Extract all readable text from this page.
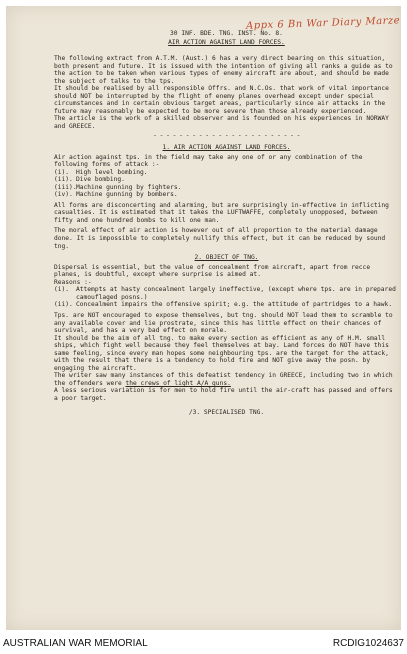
Appx 6 Bn War Diary Marze
30 INF. BDE. TNG. INST. No. 8.
AIR ACTION AGAINST LAND FORCES.

The following extract from A.T.M. (Aust.) 6 has a very direct bearing on this situation, both present and future. It is issued with the intention of giving all ranks a guide as to the action to be taken when various types of enemy aircraft are about, and should be made the subject of talks to the tps.

It should be realised by all responsible Offrs. and N.C.Os. that work of vital importance should NOT be interrupted by the flight of enemy planes overhead except under special circumstances and in certain obvious target areas, particularly since air attacks in the future may reasonably be expected to be more severe than those already experienced.

The article is the work of a skilled observer and is founded on his experiences in NORWAY and GREECE.

- - - - - - - - - - - - - - - - - - - - - - -
1. AIR ACTION AGAINST LAND FORCES.

Air action against tps. in the field may take any one of or any combination of the following forms of attack :-

(i).	High level bombing.
(ii). Dive bombing.
(iii). Machine gunning by fighters.
(iv). Machine gunning by bombers.

All forms are disconcerting and alarming, but are surprisingly in-effective in inflicting casualties. It is estimated that it takes the LUFTWAFFE, completely unopposed, between fifty and one hundred bombs to kill one man.

The moral effect of air action is however out of all proportion to the material damage done. It is impossible to completely nullify this effect, but it can be reduced by sound tng.

2. OBJECT OF TNG.

Dispersal is essential, but the value of concealment from aircraft, apart from recce planes, is doubtful, except where surprise is aimed at.

Reasons :-

(i).	Attempts at hasty concealment largely ineffective, (except where tps. are in prepared camouflaged posns.)
(ii). Concealment impairs the offensive spirit; e.g. the attitude of partridges to a hawk.

Tps. are NOT encouraged to expose themselves, but tng. should NOT lead them to scramble to any available cover and lie prostrate, since this has little effect on their chances of survival, and has a very bad effect on morale.

It should be the aim of all tng. to make every section as efficient as any of H.M. small ships, which fight well because they feel themselves at bay. Land forces do NOT have this same feeling, since every man hopes some neighbouring tps. are the target for the attack, with the result that there is a tendency to hold fire and NOT give away the posn. by engaging the aircraft.

The writer saw many instances of this defeatist tendency in GREECE, including two in which the offenders were the crews of light A/A guns.

A less serious variation is for men to hold fire until the air-craft has passed and offers a poor target.

/3. SPECIALISED TNG.
AUSTRALIAN WAR MEMORIAL	RCDIG1024637
